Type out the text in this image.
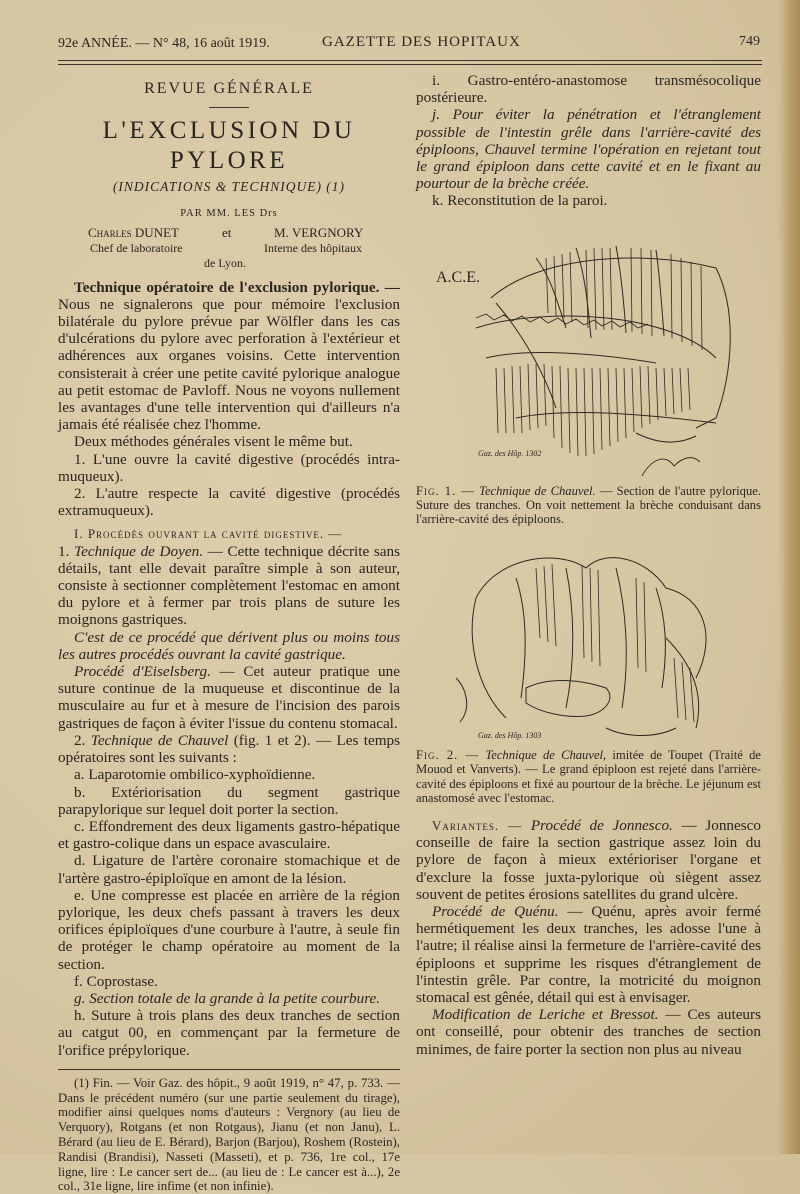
92e ANNÉE. — N° 48, 16 août 1919.	GAZETTE DES HOPITAUX	749
REVUE GÉNÉRALE
L'EXCLUSION DU PYLORE
(INDICATIONS & TECHNIQUE) (1)
PAR MM. LES Drs
Charles DUNET	et	M. VERGNORY
Chef de laboratoire	Interne des hôpitaux
de Lyon.

Technique opératoire de l'exclusion pylorique. — Nous ne signalerons que pour mémoire l'exclusion bilatérale du pylore prévue par Wölfler dans les cas d'ulcérations du pylore avec perforation à l'extérieur et adhérences aux organes voisins. Cette intervention consisterait à créer une petite cavité pylorique analogue au petit estomac de Pavloff. Nous ne voyons nullement les avantages d'une telle intervention qui d'ailleurs n'a jamais été réalisée chez l'homme.

Deux méthodes générales visent le même but.

1. L'une ouvre la cavité digestive (procédés intra-muqueux).

2. L'autre respecte la cavité digestive (procédés extramuqueux).

I. Procédés ouvrant la cavité digestive. —

1. Technique de Doyen. — Cette technique décrite sans détails, tant elle devait paraître simple à son auteur, consiste à sectionner complètement l'estomac en amont du pylore et à fermer par trois plans de suture les moignons gastriques.

C'est de ce procédé que dérivent plus ou moins tous les autres procédés ouvrant la cavité gastrique.

Procédé d'Eiselsberg. — Cet auteur pratique une suture continue de la muqueuse et discontinue de la musculaire au fur et à mesure de l'incision des parois gastriques de façon à éviter l'issue du contenu stomacal.

2. Technique de Chauvel (fig. 1 et 2). — Les temps opératoires sont les suivants :

a. Laparotomie ombilico-xyphoïdienne.

b. Extériorisation du segment gastrique parapylorique sur lequel doit porter la section.

c. Effondrement des deux ligaments gastro-hépatique et gastro-colique dans un espace avasculaire.

d. Ligature de l'artère coronaire stomachique et de l'artère gastro-épiploïque en amont de la lésion.

e. Une compresse est placée en arrière de la région pylorique, les deux chefs passant à travers les deux orifices épiploïques d'une courbure à l'autre, à seule fin de protéger le champ opératoire au moment de la section.

f. Coprostase.

g. Section totale de la grande à la petite courbure.

h. Suture à trois plans des deux tranches de section au catgut 00, en commençant par la fermeture de l'orifice prépylorique.

(1) Fin. — Voir Gaz. des hôpit., 9 août 1919, n° 47, p. 733. — Dans le précédent numéro (sur une partie seulement du tirage), modifier ainsi quelques noms d'auteurs : Vergnory (au lieu de Verquory), Rotgans (et non Rotgaus), Jianu (et non Janu), L. Bérard (au lieu de E. Bérard), Barjon (Barjou), Roshem (Rostein), Randisi (Brandisi), Nasseti (Masseti), et p. 736, 1re col., 17e ligne, lire : Le cancer sert de... (au lieu de : Le cancer est à...), 2e col., 31e ligne, lire infime (et non infinie).

i. Gastro-entéro-anastomose transmésocolique postérieure.

j. Pour éviter la pénétration et l'étranglement possible de l'intestin grêle dans l'arrière-cavité des épiploons, Chauvel termine l'opération en rejetant tout le grand épiploon dans cette cavité et en le fixant au pourtour de la brèche créée.

k. Reconstitution de la paroi.

A.C.E.
Gaz. des Hôp. 1302

Fig. 1. — Technique de Chauvel. — Section de l'autre pylorique. Suture des tranches. On voit nettement la brèche conduisant dans l'arrière-cavité des épiploons.

Gaz. des Hôp. 1303

Fig. 2. — Technique de Chauvel, imitée de Toupet (Traité de Mouod et Vanverts). — Le grand épiploon est rejeté dans l'arrière-cavité des épiploons et fixé au pourtour de la brèche. Le jéjunum est anastomosé avec l'estomac.

Variantes. — Procédé de Jonnesco. — Jonnesco conseille de faire la section gastrique assez loin du pylore de façon à mieux extérioriser l'organe et d'exclure la fosse juxta-pylorique où siègent assez souvent de petites érosions satellites du grand ulcère.

Procédé de Quénu. — Quénu, après avoir fermé hermétiquement les deux tranches, les adosse l'une à l'autre; il réalise ainsi la fermeture de l'arrière-cavité des épiploons et supprime les risques d'étranglement de l'intestin grêle. Par contre, la motricité du moignon stomacal est gênée, détail qui est à envisager.

Modification de Leriche et Bressot. — Ces auteurs ont conseillé, pour obtenir des tranches de section minimes, de faire porter la section non plus au niveau
